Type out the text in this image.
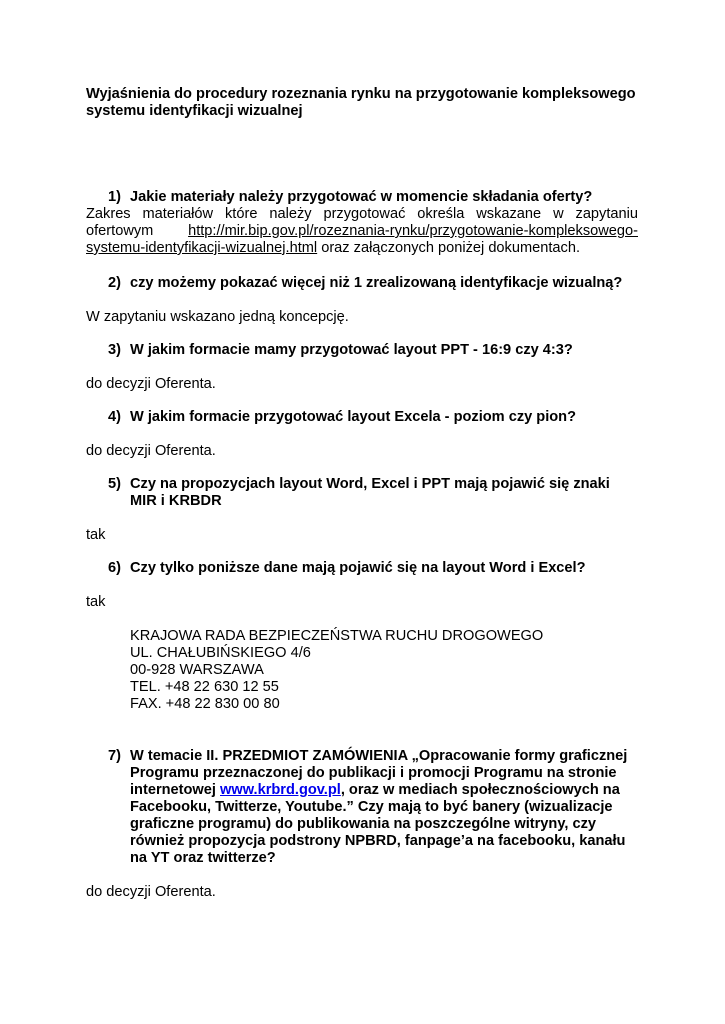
Wyjaśnienia do procedury rozeznania rynku na przygotowanie kompleksowego
systemu identyfikacji wizualnej
1) Jakie materiały należy przygotować w momencie składania oferty?

Zakres materiałów które należy przygotować określa wskazane w zapytaniu ofertowym http://mir.bip.gov.pl/rozeznania-rynku/przygotowanie-kompleksowego-systemu-identyfikacji-wizualnej.html oraz załączonych poniżej dokumentach.

2) czy możemy pokazać więcej niż 1 zrealizowaną identyfikacje wizualną?

W zapytaniu wskazano jedną koncepcję.

3) W jakim formacie mamy przygotować layout PPT - 16:9 czy 4:3?

do decyzji Oferenta.

4) W jakim formacie przygotować layout Excela - poziom czy pion?

do decyzji Oferenta.

5) Czy na propozycjach layout Word, Excel i PPT mają pojawić się znaki MIR i KRBDR

tak

6) Czy tylko poniższe dane mają pojawić się na layout Word i Excel?

tak

KRAJOWA RADA BEZPIECZEŃSTWA RUCHU DROGOWEGO
UL. CHAŁUBIŃSKIEGO 4/6
00-928 WARSZAWA
TEL. +48 22 630 12 55
FAX. +48 22 830 00 80
7) W temacie II. PRZEDMIOT ZAMÓWIENIA „Opracowanie formy graficznej Programu przeznaczonej do publikacji i promocji Programu na stronie internetowej www.krbrd.gov.pl, oraz w mediach społecznościowych na Facebooku, Twitterze, Youtube.” Czy mają to być banery (wizualizacje graficzne programu) do publikowania na poszczególne witryny, czy również propozycja podstrony NPBRD, fanpage’a na facebooku, kanału na YT oraz twitterze?

do decyzji Oferenta.
